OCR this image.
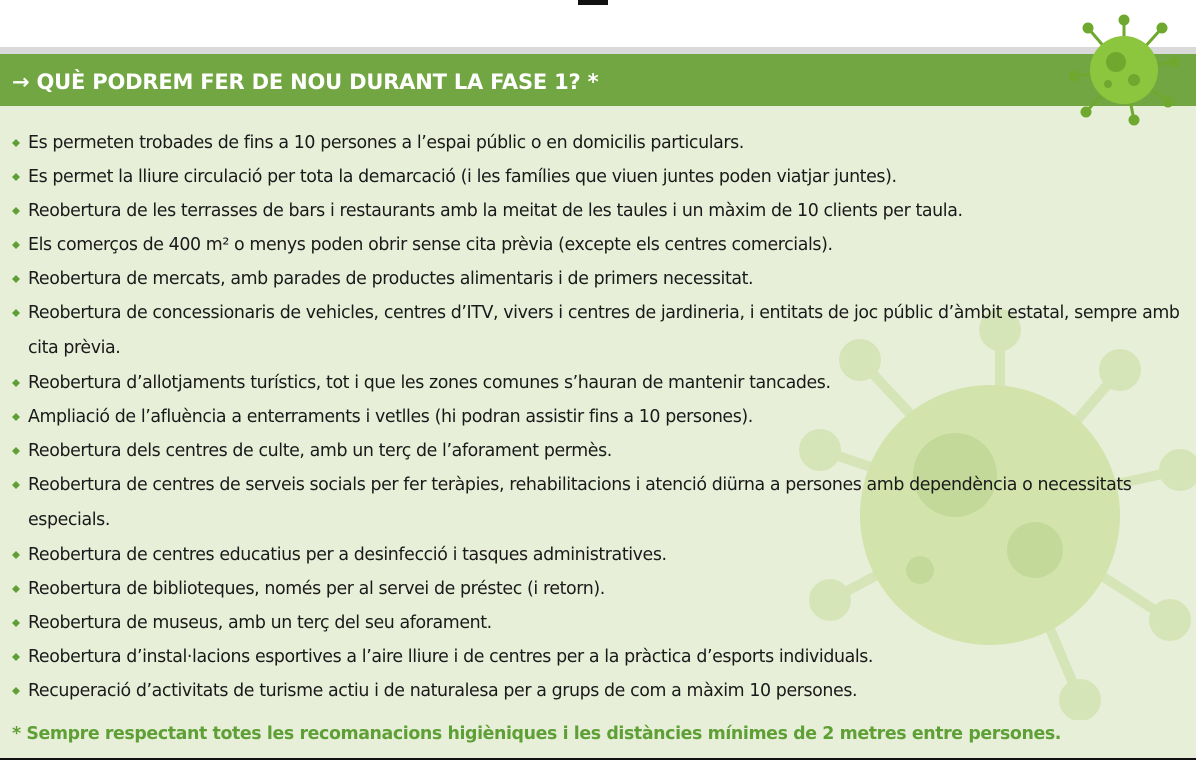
→ QUÈ PODREM FER DE NOU DURANT LA FASE 1? *
Es permeten trobades de fins a 10 persones a l’espai públic o en domicilis particulars.
Es permet la lliure circulació per tota la demarcació (i les famílies que viuen juntes poden viatjar juntes).
Reobertura de les terrasses de bars i restaurants amb la meitat de les taules i un màxim de 10 clients per taula.
Els comerços de 400 m² o menys poden obrir sense cita prèvia (excepte els centres comercials).
Reobertura de mercats, amb parades de productes alimentaris i de primers necessitat.
Reobertura de concessionaris de vehicles, centres d’ITV, vivers i centres de jardineria, i entitats de joc públic d’àmbit estatal, sempre amb cita prèvia.
Reobertura d’allotjaments turístics, tot i que les zones comunes s’hauran de mantenir tancades.
Ampliació de l’afluència a enterraments i vetlles (hi podran assistir fins a 10 persones).
Reobertura dels centres de culte, amb un terç de l’aforament permès.
Reobertura de centres de serveis socials per fer teràpies, rehabilitacions i atenció diürna a persones amb dependència o necessitats especials.
Reobertura de centres educatius per a desinfecció i tasques administratives.
Reobertura de biblioteques, només per al servei de préstec (i retorn).
Reobertura de museus, amb un terç del seu aforament.
Reobertura d’instal·lacions esportives a l’aire lliure i de centres per a la pràctica d’esports individuals.
Recuperació d’activitats de turisme actiu i de naturalesa per a grups de com a màxim 10 persones.
* Sempre respectant totes les recomanacions higièniques i les distàncies mínimes de 2 metres entre persones.
